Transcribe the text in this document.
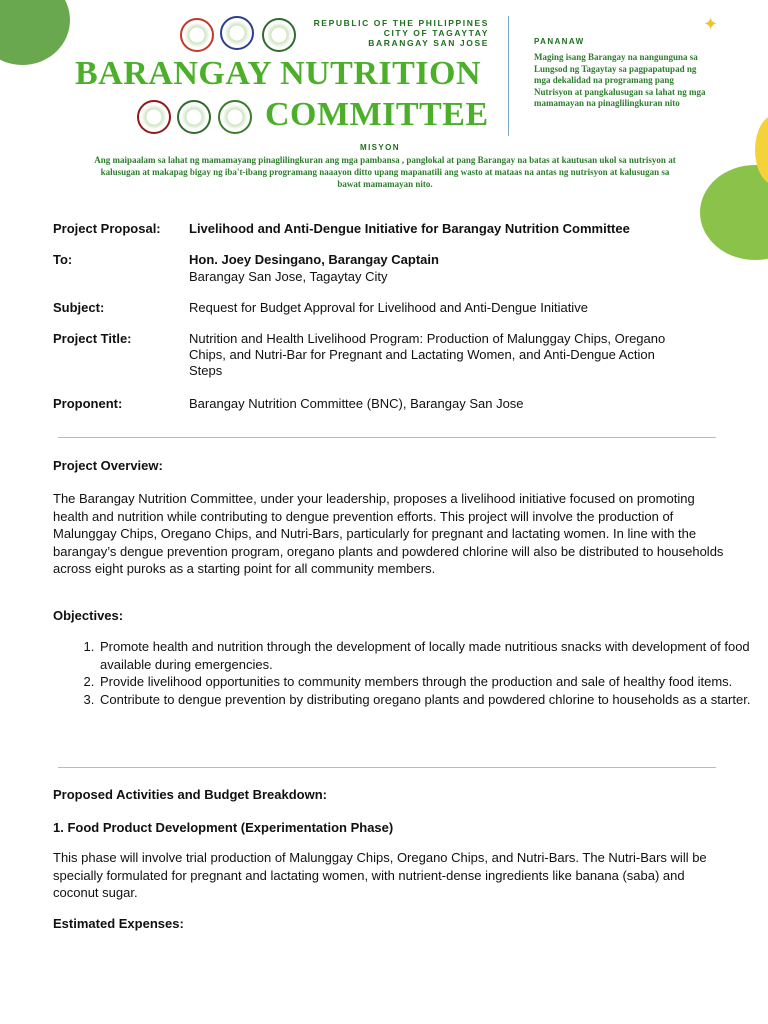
✦
REPUBLIC OF THE PHILIPPINES
CITY OF TAGAYTAY
BARANGAY SAN JOSE
BARANGAY NUTRITION
COMMITTEE
PANANAW
Maging isang Barangay na nangunguna sa Lungsod ng Tagaytay sa pagpapatupad ng mga dekalidad na programang pang Nutrisyon at pangkalusugan sa lahat ng mga mamamayan na pinaglilingkuran nito
MISYON
Ang maipaalam sa lahat ng mamamayang pinaglilingkuran ang mga pambansa , panglokal at pang Barangay na batas at kautusan ukol sa nutrisyon at kalusugan at makapag bigay ng iba't-ibang programang naaayon ditto upang mapanatili ang wasto at mataas na antas ng nutrisyon at kalusugan sa bawat mamamayan nito.
Project Proposal: Livelihood and Anti-Dengue Initiative for Barangay Nutrition Committee
To:	Hon. Joey Desingano, Barangay Captain
Barangay San Jose, Tagaytay City
Subject:	Request for Budget Approval for Livelihood and Anti-Dengue Initiative
Project Title:	Nutrition and Health Livelihood Program: Production of Malunggay Chips, Oregano Chips, and Nutri-Bar for Pregnant and Lactating Women, and Anti-Dengue Action Steps
Proponent:	Barangay Nutrition Committee (BNC), Barangay San Jose
Project Overview:
The Barangay Nutrition Committee, under your leadership, proposes a livelihood initiative focused on promoting health and nutrition while contributing to dengue prevention efforts. This project will involve the production of Malunggay Chips, Oregano Chips, and Nutri-Bars, particularly for pregnant and lactating women. In line with the barangay’s dengue prevention program, oregano plants and powdered chlorine will also be distributed to households across eight puroks as a starting point for all community members.
Objectives:
1. Promote health and nutrition through the development of locally made nutritious snacks with development of food available during emergencies.
2. Provide livelihood opportunities to community members through the production and sale of healthy food items.
3. Contribute to dengue prevention by distributing oregano plants and powdered chlorine to households as a starter.
Proposed Activities and Budget Breakdown:
1. Food Product Development (Experimentation Phase)
This phase will involve trial production of Malunggay Chips, Oregano Chips, and Nutri-Bars. The Nutri-Bars will be specially formulated for pregnant and lactating women, with nutrient-dense ingredients like banana (saba) and coconut sugar.
Estimated Expenses:
